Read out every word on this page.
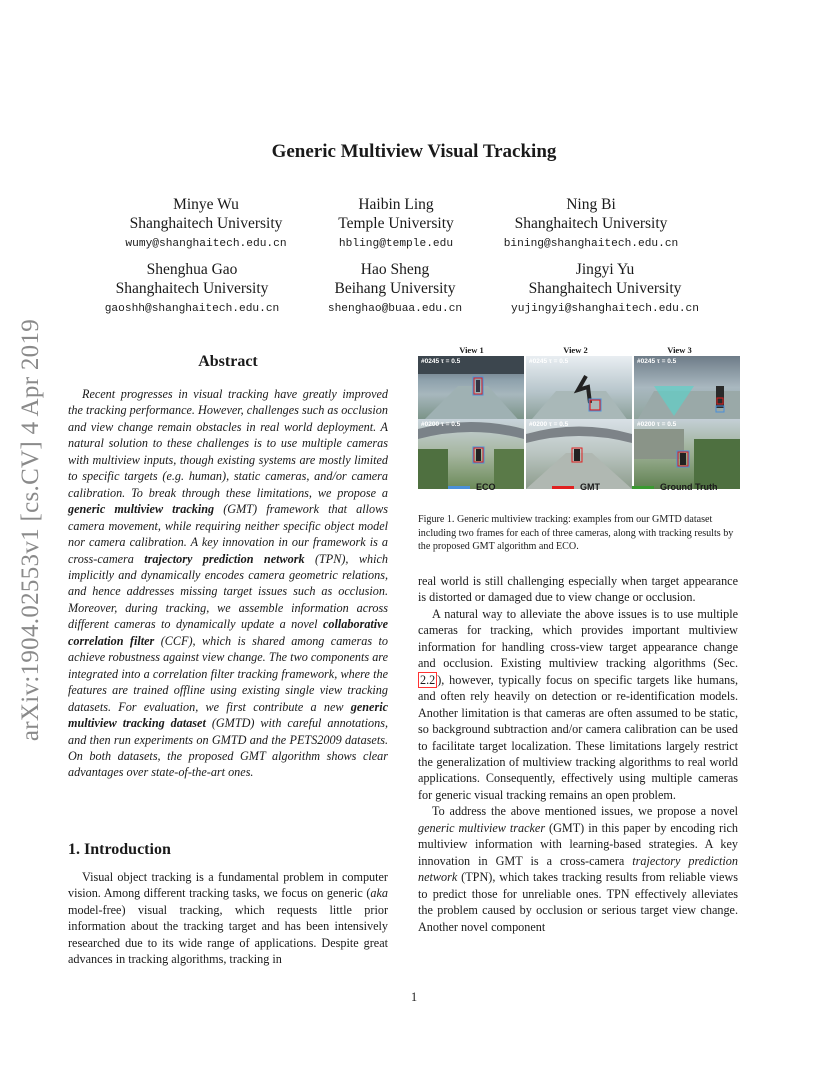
arXiv:1904.02553v1 [cs.CV] 4 Apr 2019
Generic Multiview Visual Tracking
Minye Wu
Shanghaitech University
wumy@shanghaitech.edu.cn
Haibin Ling
Temple University
hbling@temple.edu
Ning Bi
Shanghaitech University
bining@shanghaitech.edu.cn
Shenghua Gao
Shanghaitech University
gaoshh@shanghaitech.edu.cn
Hao Sheng
Beihang University
shenghao@buaa.edu.cn
Jingyi Yu
Shanghaitech University
yujingyi@shanghaitech.edu.cn
Abstract

Recent progresses in visual tracking have greatly improved the tracking performance. However, challenges such as occlusion and view change remain obstacles in real world deployment. A natural solution to these challenges is to use multiple cameras with multiview inputs, though existing systems are mostly limited to specific targets (e.g. human), static cameras, and/or camera calibration. To break through these limitations, we propose a generic multiview tracking (GMT) framework that allows camera movement, while requiring neither specific object model nor camera calibration. A key innovation in our framework is a cross-camera trajectory prediction network (TPN), which implicitly and dynamically encodes camera geometric relations, and hence addresses missing target issues such as occlusion. Moreover, during tracking, we assemble information across different cameras to dynamically update a novel collaborative correlation filter (CCF), which is shared among cameras to achieve robustness against view change. The two components are integrated into a correlation filter tracking framework, where the features are trained offline using existing single view tracking datasets. For evaluation, we first contribute a new generic multiview tracking dataset (GMTD) with careful annotations, and then run experiments on GMTD and the PETS2009 datasets. On both datasets, the proposed GMT algorithm shows clear advantages over state-of-the-art ones.

1. Introduction

Visual object tracking is a fundamental problem in computer vision. Among different tracking tasks, we focus on generic (aka model-free) visual tracking, which requests little prior information about the tracking target and has been intensively researched due to its wide range of applications. Despite great advances in tracking algorithms, tracking in

View 1	View 2	View 3
#0245 τ = 0.5	#0245 τ = 0.5	#0245 τ = 0.5
#0200 τ = 0.5	#0200 τ = 0.5	#0200 τ = 0.5
ECO	GMT	Ground Truth
Figure 1. Generic multiview tracking: examples from our GMTD dataset including two frames for each of three cameras, along with tracking results by the proposed GMT algorithm and ECO.

real world is still challenging especially when target appearance is distorted or damaged due to view change or occlusion.

A natural way to alleviate the above issues is to use multiple cameras for tracking, which provides important multiview information for handling cross-view target appearance change and occlusion. Existing multiview tracking algorithms (Sec. 2.2 ), however, typically focus on specific targets like humans, and often rely heavily on detection or re-identification models. Another limitation is that cameras are often assumed to be static, so background subtraction and/or camera calibration can be used to facilitate target localization. These limitations largely restrict the generalization of multiview tracking algorithms to real world applications. Consequently, effectively using multiple cameras for generic visual tracking remains an open problem.

To address the above mentioned issues, we propose a novel generic multiview tracker (GMT) in this paper by encoding rich multiview information with learning-based strategies. A key innovation in GMT is a cross-camera trajectory prediction network (TPN), which takes tracking results from reliable views to predict those for unreliable ones. TPN effectively alleviates the problem caused by occlusion or serious target view change. Another novel component

1
